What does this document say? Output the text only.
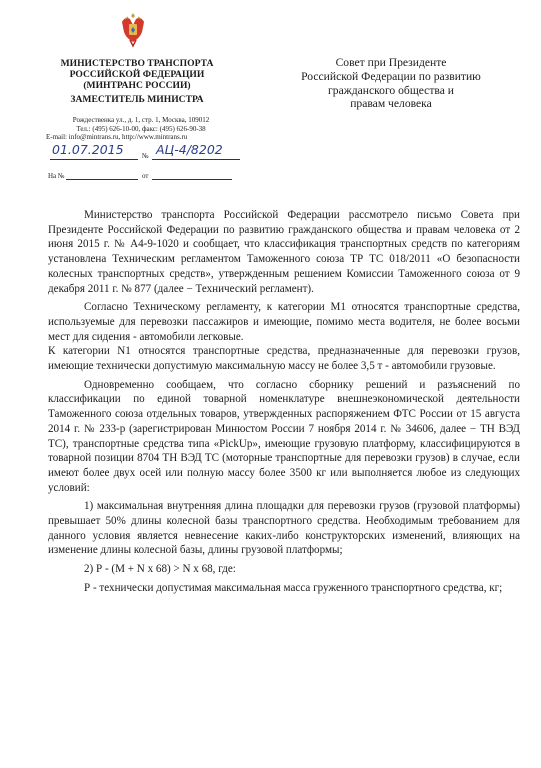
МИНИСТЕРСТВО ТРАНСПОРТА
РОССИЙСКОЙ ФЕДЕРАЦИИ
(МИНТРАНС РОССИИ)
ЗАМЕСТИТЕЛЬ МИНИСТРА
Рождественка ул., д. 1, стр. 1, Москва, 109012
Тел.: (495) 626-10-00, факс: (495) 626-90-38
E-mail: info@mintrans.ru, http://www.mintrans.ru
01.07.2015	№ АЦ-4/8202
На №	от
Совет при Президенте
Российской Федерации по развитию
гражданского общества и
правам человека

Министерство транспорта Российской Федерации рассмотрело письмо Совета при Президенте Российской Федерации по развитию гражданского общества и правам человека от 2 июня 2015 г. № А4-9-1020 и сообщает, что классификация транспортных средств по категориям установлена Техническим регламентом Таможенного союза ТР ТС 018/2011 «О безопасности колесных транспортных средств», утвержденным решением Комиссии Таможенного союза от 9 декабря 2011 г. № 877 (далее − Технический регламент).

Согласно Техническому регламенту, к категории М1 относятся транспортные средства, используемые для перевозки пассажиров и имеющие, помимо места водителя, не более восьми мест для сидения - автомобили легковые.

К категории N1 относятся транспортные средства, предназначенные для перевозки грузов, имеющие технически допустимую максимальную массу не более 3,5 т - автомобили грузовые.

Одновременно сообщаем, что согласно сборнику решений и разъяснений по классификации по единой товарной номенклатуре внешнеэкономической деятельности Таможенного союза отдельных товаров, утвержденных распоряжением ФТС России от 15 августа 2014 г. № 233-р (зарегистрирован Минюстом России 7 ноября 2014 г. № 34606, далее − ТН ВЭД ТС), транспортные средства типа «PickUp», имеющие грузовую платформу, классифицируются в товарной позиции 8704 ТН ВЭД ТС (моторные транспортные для перевозки грузов) в случае, если имеют более двух осей или полную массу более 3500 кг или выполняется любое из следующих условий:

1) максимальная внутренняя длина площадки для перевозки грузов (грузовой платформы) превышает 50% длины колесной базы транспортного средства. Необходимым требованием для данного условия является невнесение каких-либо конструкторских изменений, влияющих на изменение длины колесной базы, длины грузовой платформы;

2) Р - (М + N х 68) > N х 68, где:

Р - технически допустимая максимальная масса груженного транспортного средства, кг;
